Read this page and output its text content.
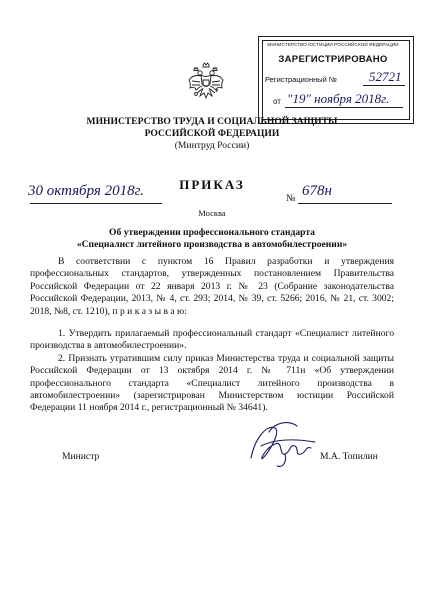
МИНИСТЕРСТВО ЮСТИЦИИ РОССИЙСКОЙ ФЕДЕРАЦИИ
ЗАРЕГИСТРИРОВАНО
Регистрационный № 52721
от "19" ноября 2018г.
МИНИСТЕРСТВО ТРУДА И СОЦИАЛЬНОЙ ЗАЩИТЫ
РОССИЙСКОЙ ФЕДЕРАЦИИ
(Минтруд России)
ПРИКАЗ
30 октября 2018г.	№ 678н
Москва
Об утверждении профессионального стандарта
«Специалист литейного производства в автомобилестроении»

В соответствии с пунктом 16 Правил разработки и утверждения профессиональных стандартов, утвержденных постановлением Правительства Российской Федерации от 22 января 2013 г. № 23 (Собрание законодательства Российской Федерации, 2013, № 4, ст. 293; 2014, № 39, ст. 5266; 2016, № 21, ст. 3002; 2018, №8, ст. 1210), п р и к а з ы в а ю:

1. Утвердить прилагаемый профессиональный стандарт «Специалист литейного производства в автомобилестроении».

2. Признать утратившим силу приказ Министерства труда и социальной защиты Российской Федерации от 13 октября 2014 г. № 711н «Об утверждении профессионального стандарта «Специалист литейного производства в автомобилестроении» (зарегистрирован Министерством юстиции Российской Федерации 11 ноября 2014 г., регистрационный № 34641).

Министр	М.А. Топилин
